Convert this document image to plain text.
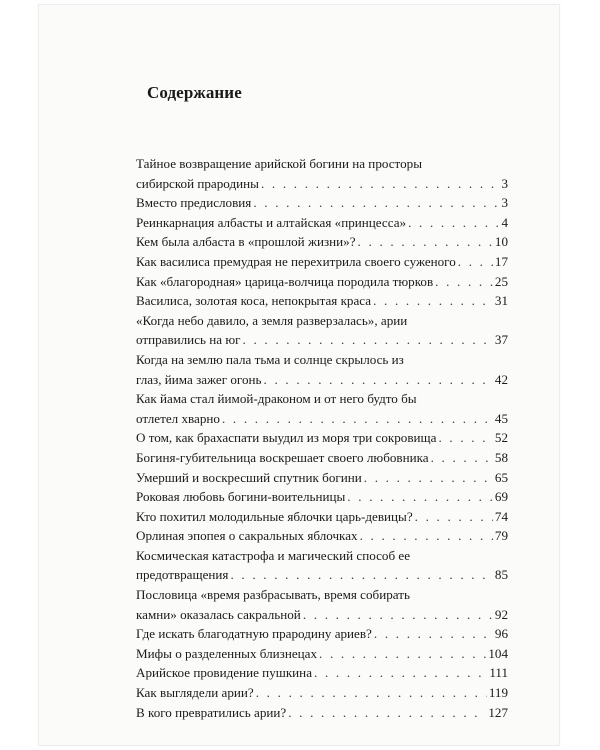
Содержание
Тайное возвращение арийской богини на просторы
сибирской прародины . . .	3
Вместо предисловия . . .	3
Реинкарнация албасты и алтайская «принцесса» . . .	4
Кем была албаста в «прошлой жизни»? . . .	10
Как василиса премудрая не перехитрила своего суженого . . .	17
Как «благородная» царица-волчица породила тюрков . . .	25
Василиса, золотая коса, непокрытая краса . . .	31
«Когда небо давило, а земля разверзалась», арии
отправились на юг . . .	37
Когда на землю пала тьма и солнце скрылось из
глаз, йима зажег огонь . . .	42
Как йама стал йимой-драконом и от него будто бы
отлетел хварно . . .	45
О том, как брахаспати выудил из моря три сокровища . . .	52
Богиня-губительница воскрешает своего любовника . . .	58
Умерший и воскресший спутник богини . . .	65
Роковая любовь богини-воительницы . . .	69
Кто похитил молодильные яблочки царь-девицы? . . .	74
Орлиная эпопея о сакральных яблочках . . .	79
Космическая катастрофа и магический способ ее
предотвращения . . .	85
Пословица «время разбрасывать, время собирать
камни» оказалась сакральной . . .	92
Где искать благодатную прародину ариев? . . .	96
Мифы о разделенных близнецах . . .	104
Арийское провидение пушкина . . .	111
Как выглядели арии? . . .	119
В кого превратились арии? . . .	127
